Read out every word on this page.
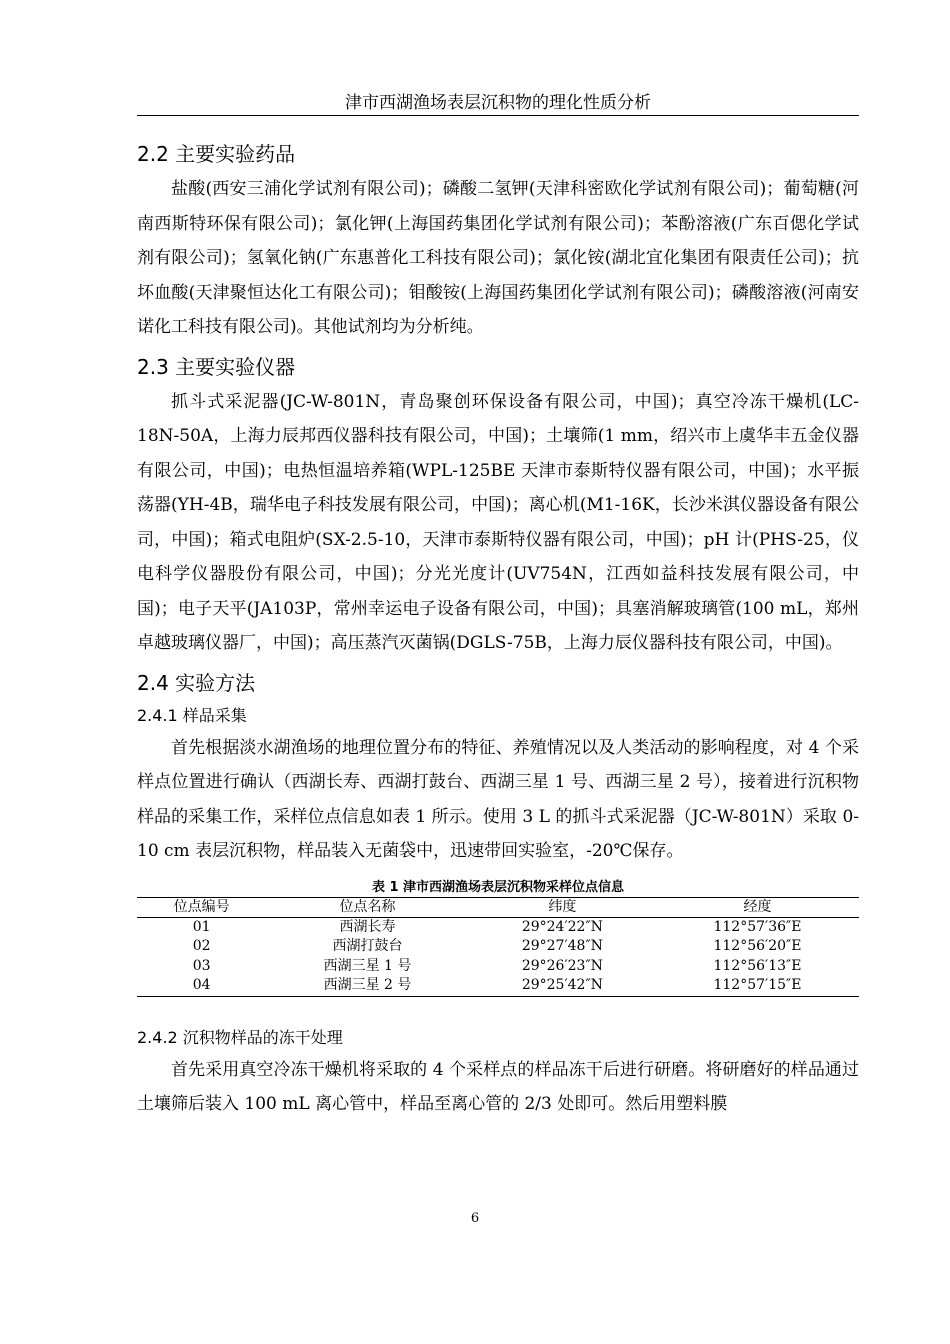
津市西湖渔场表层沉积物的理化性质分析
2.2 主要实验药品

盐酸(西安三浦化学试剂有限公司)；磷酸二氢钾(天津科密欧化学试剂有限公司)；葡萄糖(河南西斯特环保有限公司)；氯化钾(上海国药集团化学试剂有限公司)；苯酚溶液(广东百偲化学试剂有限公司)；氢氧化钠(广东惠普化工科技有限公司)；氯化铵(湖北宜化集团有限责任公司)；抗坏血酸(天津聚恒达化工有限公司)；钼酸铵(上海国药集团化学试剂有限公司)；磷酸溶液(河南安诺化工科技有限公司)。其他试剂均为分析纯。

2.3 主要实验仪器

抓斗式采泥器(JC-W-801N，青岛聚创环保设备有限公司，中国)；真空冷冻干燥机(LC-18N-50A，上海力辰邦西仪器科技有限公司，中国)；土壤筛(1 mm，绍兴市上虞华丰五金仪器有限公司，中国)；电热恒温培养箱(WPL-125BE 天津市泰斯特仪器有限公司，中国)；水平振荡器(YH-4B，瑞华电子科技发展有限公司，中国)；离心机(M1-16K，长沙米淇仪器设备有限公司，中国)；箱式电阻炉(SX-2.5-10，天津市泰斯特仪器有限公司，中国)；pH 计(PHS-25，仪电科学仪器股份有限公司，中国)；分光光度计(UV754N，江西如益科技发展有限公司，中国)；电子天平(JA103P，常州幸运电子设备有限公司，中国)；具塞消解玻璃管(100 mL，郑州卓越玻璃仪器厂，中国)；高压蒸汽灭菌锅(DGLS-75B，上海力辰仪器科技有限公司，中国)。

2.4 实验方法
2.4.1 样品采集

首先根据淡水湖渔场的地理位置分布的特征、养殖情况以及人类活动的影响程度，对 4 个采样点位置进行确认（西湖长寿、西湖打鼓台、西湖三星 1 号、西湖三星 2 号），接着进行沉积物样品的采集工作，采样位点信息如表 1 所示。使用 3 L 的抓斗式采泥器（JC-W-801N）采取 0-10 cm 表层沉积物，样品装入无菌袋中，迅速带回实验室，-20℃保存。

表 1 津市西湖渔场表层沉积物采样位点信息
位点编号	位点名称	纬度	经度
01	西湖长寿	29°24′22″N	112°57′36″E
02	西湖打鼓台	29°27′48″N	112°56′20″E
03	西湖三星 1 号	29°26′23″N	112°56′13″E
04	西湖三星 2 号	29°25′42″N	112°57′15″E
2.4.2 沉积物样品的冻干处理

首先采用真空冷冻干燥机将采取的 4 个采样点的样品冻干后进行研磨。将研磨好的样品通过土壤筛后装入 100 mL 离心管中，样品至离心管的 2/3 处即可。然后用塑料膜

6
